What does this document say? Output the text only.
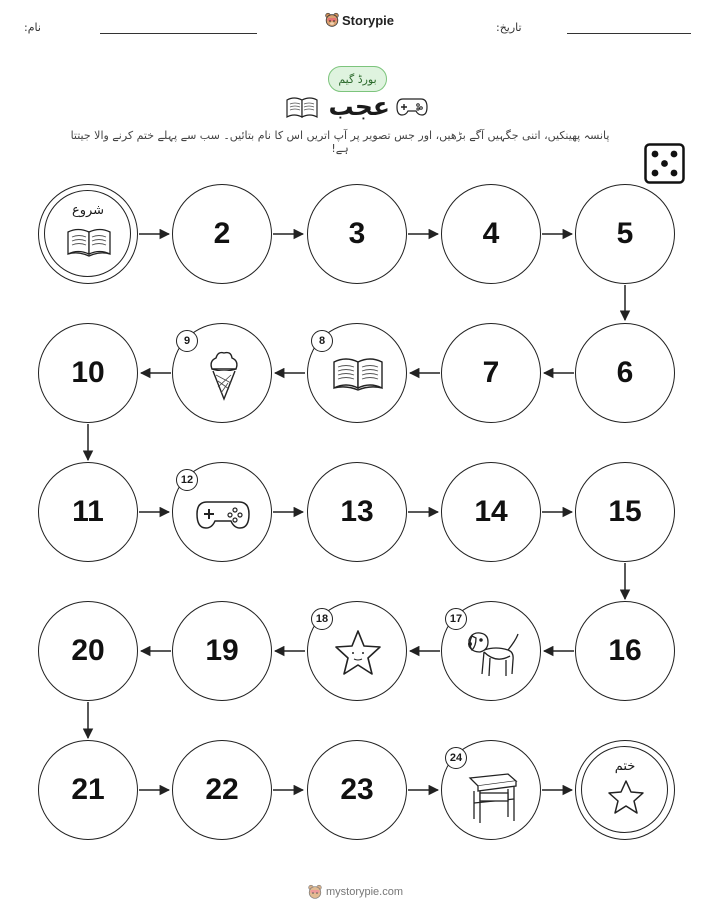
نام:	Storypie	تاریخ:
بورڈ گیم
عجب
پانسہ پھینکیں، اتنی جگہیں آگے بڑھیں، اور جس تصویر پر آپ اتریں اس کا نام بتائیں۔ سب سے پہلے ختم کرنے والا جیتتا ہے!
شروع
2	3	4	5
6
7
8
9
10
11
12
13	14	15
16
17
18
19
20
21	22	23
24
ختم
mystorypie.com
